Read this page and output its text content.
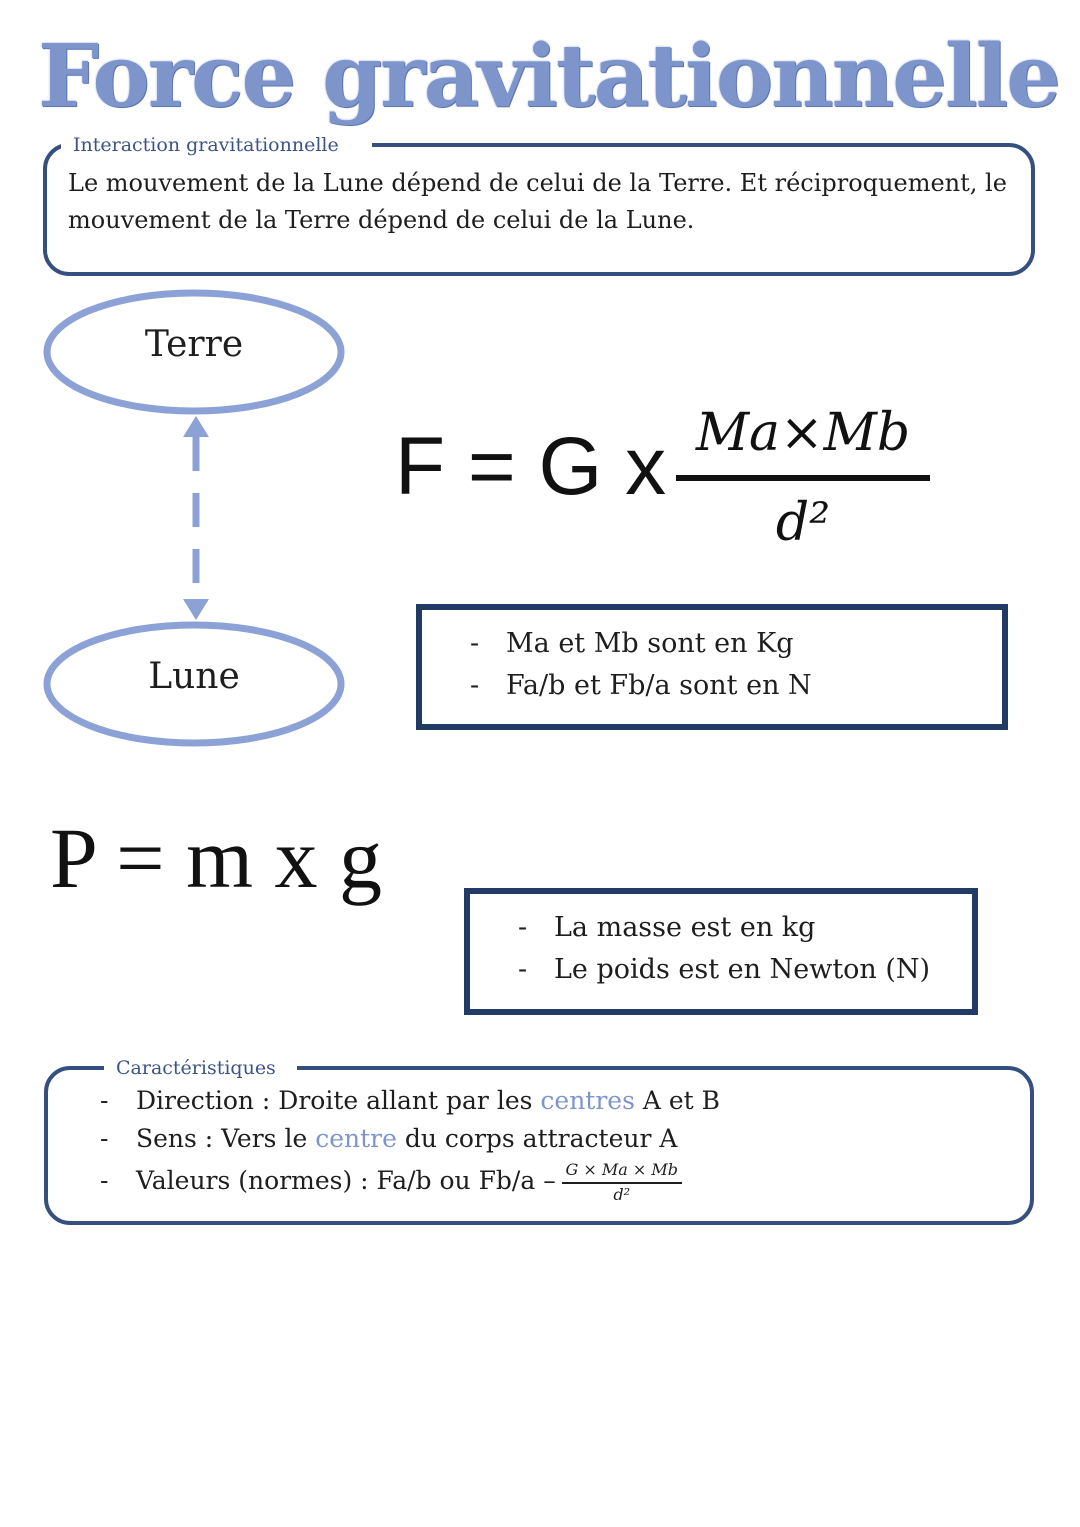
Force gravitationnelle
Interaction gravitationnelle

Le mouvement de la Lune dépend de celui de la Terre. Et réciproquement, le mouvement de la Terre dépend de celui de la Lune.

Terre
Lune
F = G x Ma×Mb
d²
- Ma et Mb sont en Kg
- Fa/b et Fb/a sont en N
P = m x g
- La masse est en kg
- Le poids est en Newton (N)
Caractéristiques
- Direction : Droite allant par les centres A et B
- Sens : Vers le centre du corps attracteur A
- Valeurs (normes) : Fa/b ou $Fb/a - \frac{G \times Ma \times Mb}{\text{d²}}$
